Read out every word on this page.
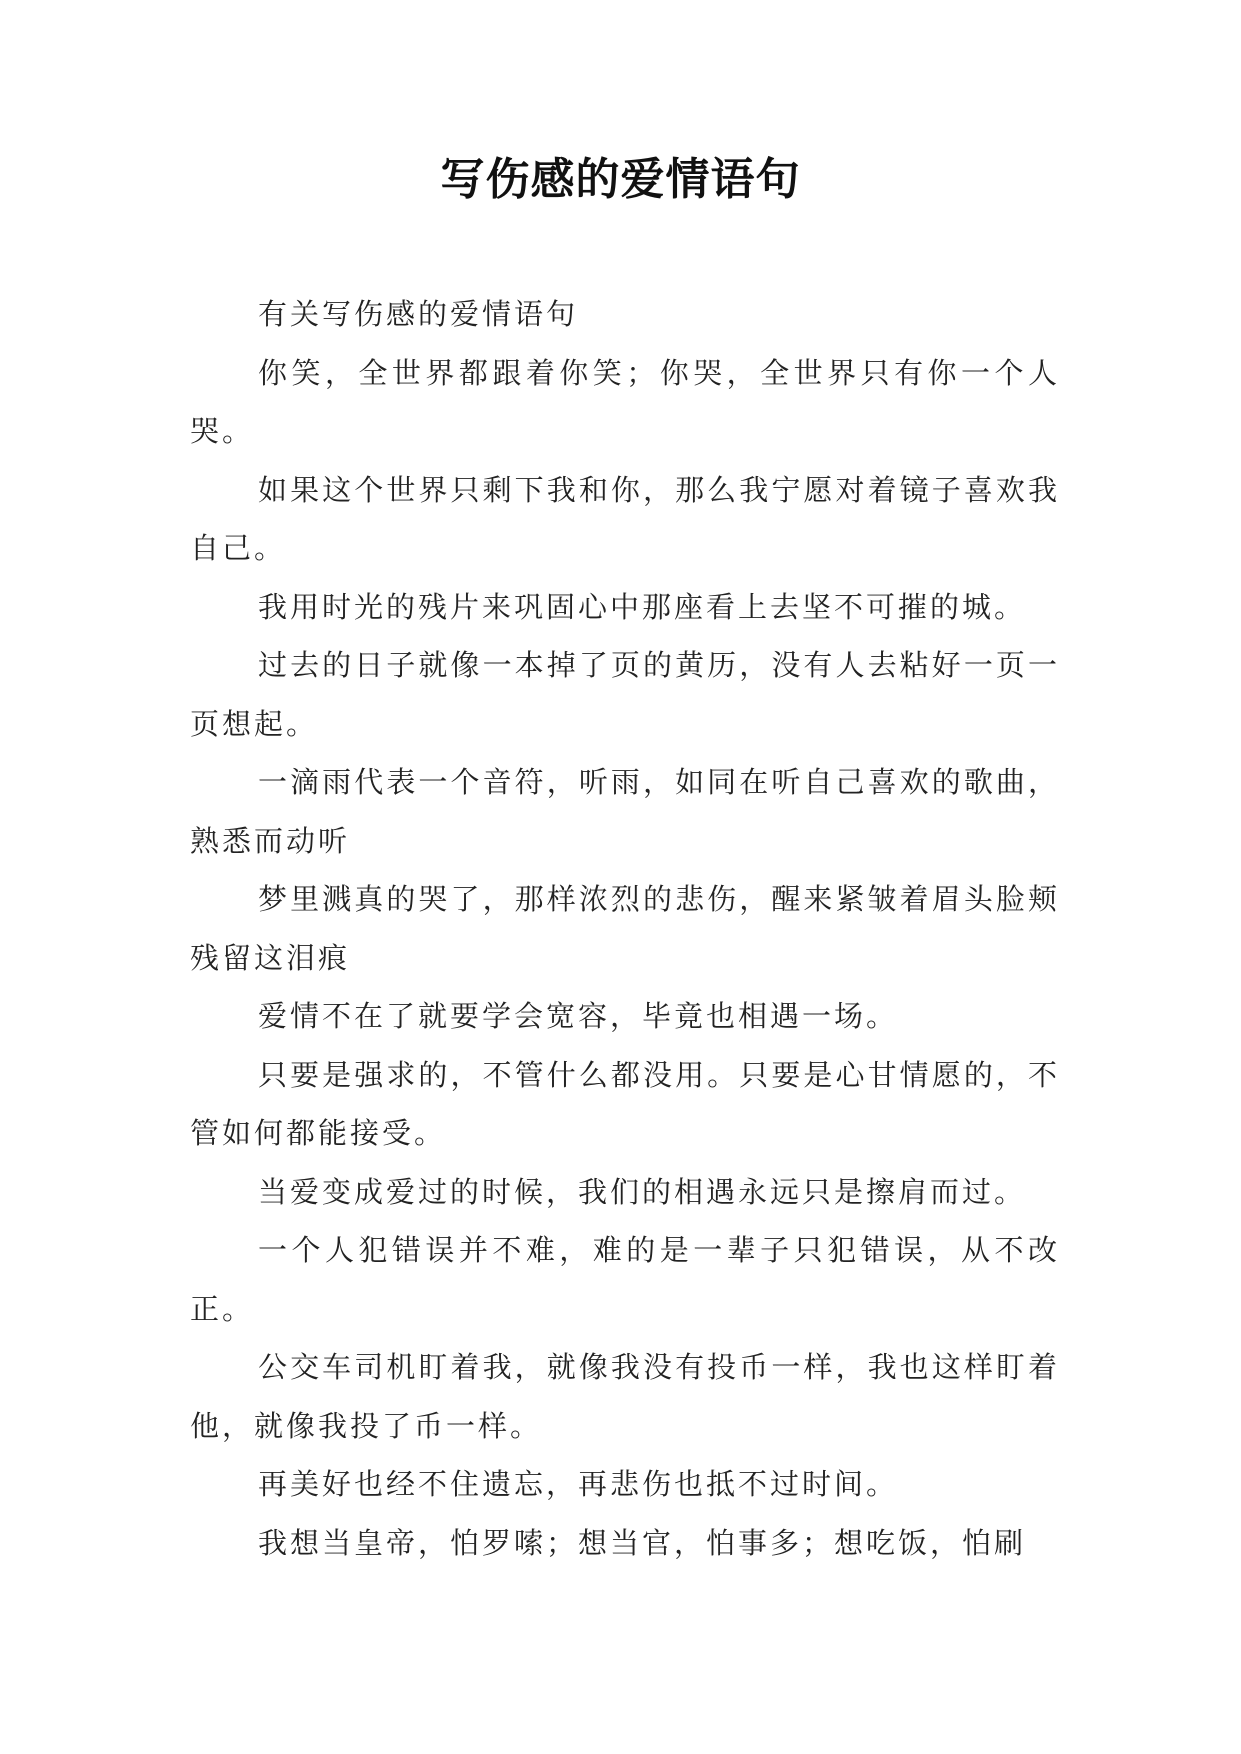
写伤感的爱情语句

有关写伤感的爱情语句

你笑，全世界都跟着你笑；你哭，全世界只有你一个人哭。

如果这个世界只剩下我和你，那么我宁愿对着镜子喜欢我自己。

我用时光的残片来巩固心中那座看上去坚不可摧的城。

过去的日子就像一本掉了页的黄历，没有人去粘好一页一页想起。

一滴雨代表一个音符，听雨，如同在听自己喜欢的歌曲，熟悉而动听

梦里溅真的哭了，那样浓烈的悲伤，醒来紧皱着眉头脸颊残留这泪痕

爱情不在了就要学会宽容，毕竟也相遇一场。

只要是强求的，不管什么都没用。只要是心甘情愿的，不管如何都能接受。

当爱变成爱过的时候，我们的相遇永远只是擦肩而过。

一个人犯错误并不难，难的是一辈子只犯错误，从不改正。

公交车司机盯着我，就像我没有投币一样，我也这样盯着他，就像我投了币一样。

再美好也经不住遗忘，再悲伤也抵不过时间。

我想当皇帝，怕罗嗦；想当官，怕事多；想吃饭，怕刷
